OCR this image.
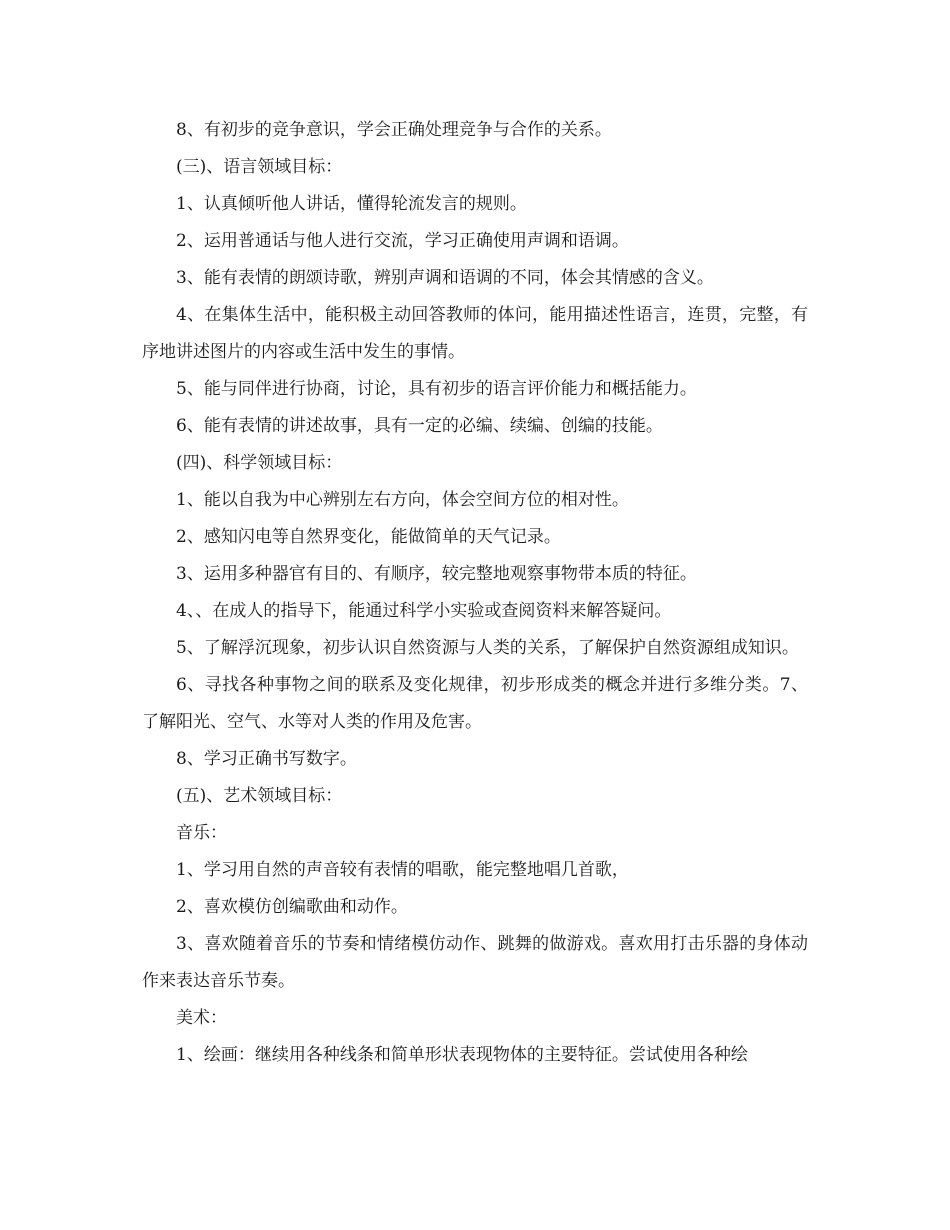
8、有初步的竞争意识，学会正确处理竞争与合作的关系。

(三)、语言领域目标：

1、认真倾听他人讲话，懂得轮流发言的规则。

2、运用普通话与他人进行交流，学习正确使用声调和语调。

3、能有表情的朗颂诗歌，辨别声调和语调的不同，体会其情感的含义。

4、在集体生活中，能积极主动回答教师的体问，能用描述性语言，连贯，完整，有序地讲述图片的内容或生活中发生的事情。

5、能与同伴进行协商，讨论，具有初步的语言评价能力和概括能力。

6、能有表情的讲述故事，具有一定的必编、续编、创编的技能。

(四)、科学领域目标：

1、能以自我为中心辨别左右方向，体会空间方位的相对性。

2、感知闪电等自然界变化，能做简单的天气记录。

3、运用多种器官有目的、有顺序，较完整地观察事物带本质的特征。

4、、在成人的指导下，能通过科学小实验或查阅资料来解答疑问。

5、了解浮沉现象，初步认识自然资源与人类的关系，了解保护自然资源组成知识。

6、寻找各种事物之间的联系及变化规律，初步形成类的概念并进行多维分类。7、了解阳光、空气、水等对人类的作用及危害。

8、学习正确书写数字。

(五)、艺术领域目标：

音乐：

1、学习用自然的声音较有表情的唱歌，能完整地唱几首歌，

2、喜欢模仿创编歌曲和动作。

3、喜欢随着音乐的节奏和情绪模仿动作、跳舞的做游戏。喜欢用打击乐器的身体动作来表达音乐节奏。

美术：

1、绘画：继续用各种线条和简单形状表现物体的主要特征。尝试使用各种绘
